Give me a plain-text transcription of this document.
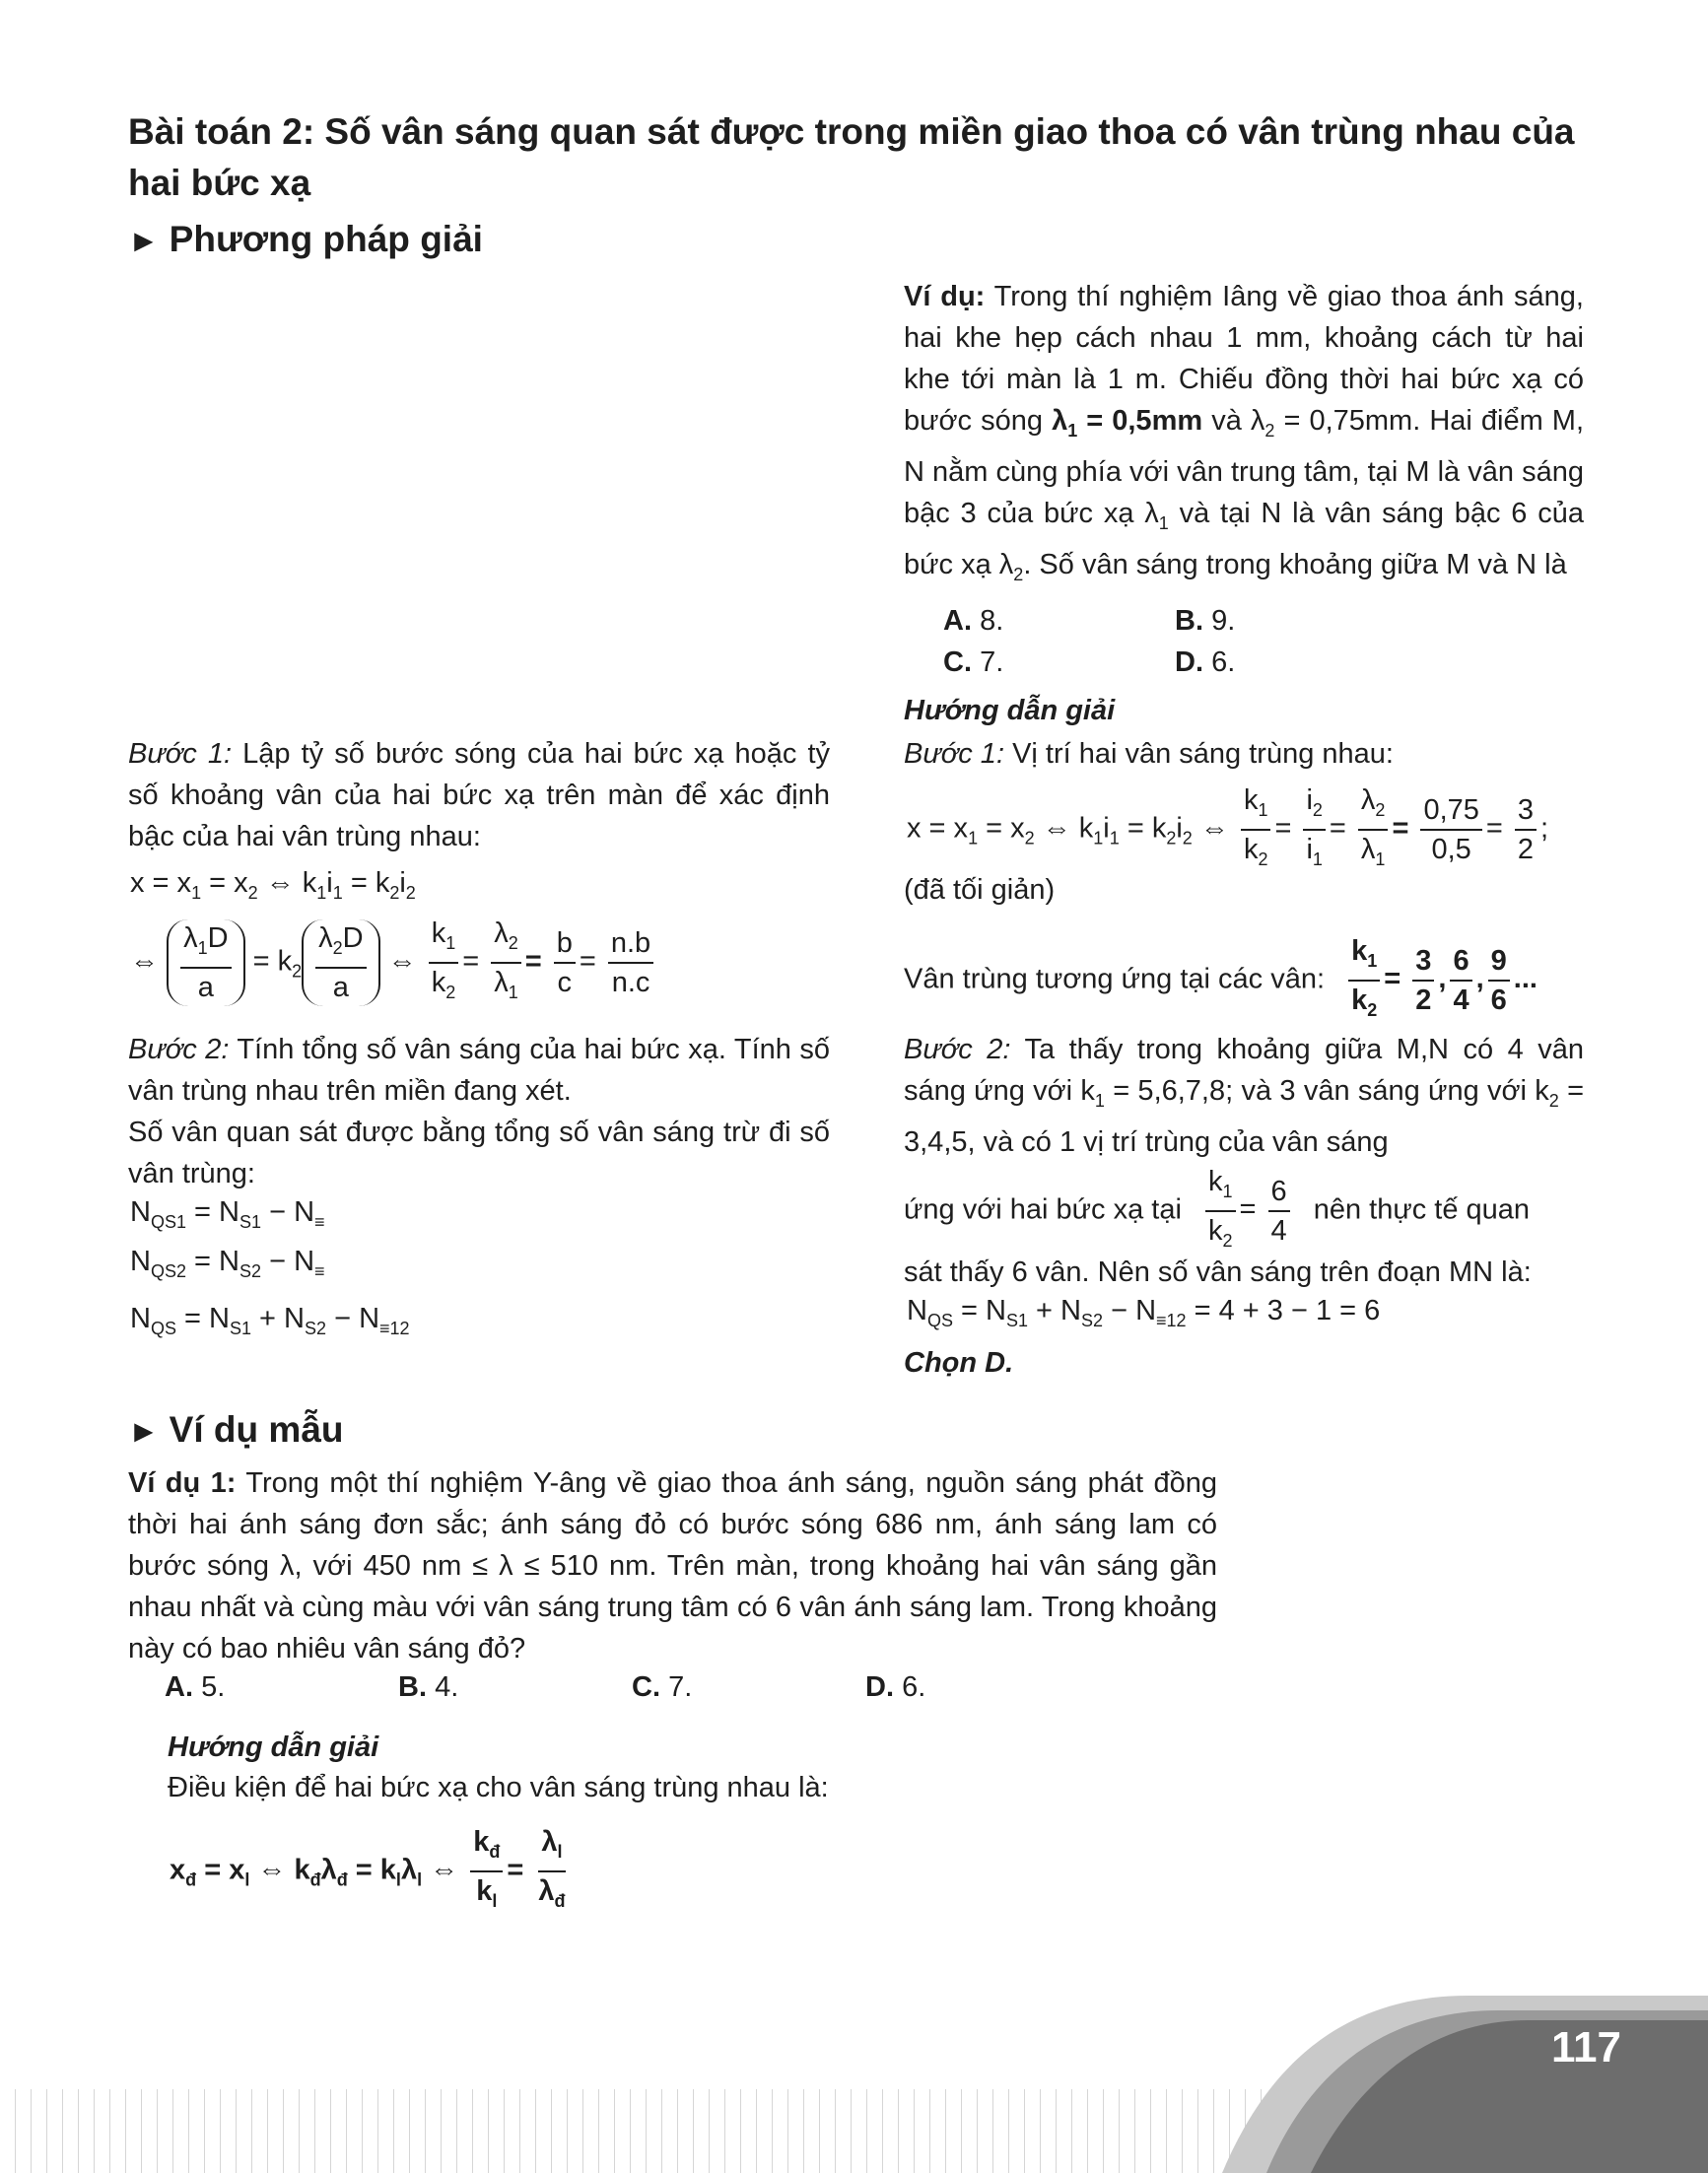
Bài toán 2: Số vân sáng quan sát được trong miền giao thoa có vân trùng nhau của hai bức xạ
► Phương pháp giải
Ví dụ: Trong thí nghiệm Iâng về giao thoa ánh sáng, hai khe hẹp cách nhau 1 mm, khoảng cách từ hai khe tới màn là 1 m. Chiếu đồng thời hai bức xạ có bước sóng $\lambda_1 = 0,5mm$ và $\lambda_2 = 0,75mm$. Hai điểm M, N nằm cùng phía với vân trung tâm, tại M là vân sáng bậc 3 của bức xạ $\lambda_1$ và tại N là vân sáng bậc 6 của bức xạ $\lambda_2$. Số vân sáng trong khoảng giữa M và N là
A. 8.	B. 9.
C. 7.	D. 6.
Hướng dẫn giải
Bước 1: Lập tỷ số bước sóng của hai bức xạ hoặc tỷ số khoảng vân của hai bức xạ trên màn để xác định bậc của hai vân trùng nhau:
Bước 1: Vị trí hai vân sáng trùng nhau:
$x = x_1 = x_2$ ⇔ $k_1i_1 = k_2i_2$ ⇔ $\frac{k_1}{k_2} = \frac{i_2}{i_1} = \frac{\lambda_2}{\lambda_1} = \frac{0,75}{0,5} = \frac{3}{2}$ ;
(đã tối giản)
Vân trùng tương ứng tại các vân: $\frac{k_1}{k_2} = \frac{3}{2}$ , $\frac{6}{4}$ , $\frac{9}{6}$ ...
$x = x_1 = x_2$ ⇔ $k_1i_1 = k_2i_2$
⇔ $\frac{\lambda_1D}{a} = k_2 \frac{\lambda_2D}{a}$ ⇔ $\frac{k_1}{k_2} = \frac{\lambda_2}{\lambda_1} = \frac{b}{c} = \frac{n.b}{n.c}$
Bước 2: Tính tổng số vân sáng của hai bức xạ. Tính số vân trùng nhau trên miền đang xét.
Số vân quan sát được bằng tổng số vân sáng trừ đi số vân trùng:
$N_{QS1} = N_{S1} - N_\equiv$
$N_{QS2} = N_{S2} - N_\equiv$
$N_{QS} = N_{S1} + N_{S2} - N_{\equiv 12}$
Bước 2: Ta thấy trong khoảng giữa M,N có 4 vân sáng ứng với $k_1 = 5,6,7,8$; và 3 vân sáng ứng với $k_2 = 3,4,5$, và có 1 vị trí trùng của vân sáng
ứng với hai bức xạ tại $\frac{k_1}{k_2} = \frac{6}{4}$ nên thực tế quan
sát thấy 6 vân. Nên số vân sáng trên đoạn MN là:
$N_{QS} = N_{S1} + N_{S2} - N_{\equiv 12} = 4 + 3 - 1 = 6$
Chọn D.
► Ví dụ mẫu
Ví dụ 1: Trong một thí nghiệm Y-âng về giao thoa ánh sáng, nguồn sáng phát đồng thời hai ánh sáng đơn sắc; ánh sáng đỏ có bước sóng 686 nm, ánh sáng lam có bước sóng λ, với 450 nm ≤ λ ≤ 510 nm. Trên màn, trong khoảng hai vân sáng gần nhau nhất và cùng màu với vân sáng trung tâm có 6 vân ánh sáng lam. Trong khoảng này có bao nhiêu vân sáng đỏ?
A. 5.	B. 4.	C. 7.	D. 6.
Hướng dẫn giải
Điều kiện để hai bức xạ cho vân sáng trùng nhau là:
$x_đ = x_l$ ⇔ $k_đ\lambda_đ = k_l\lambda_l$ ⇔ $\frac{k_đ}{k_l} = \frac{\lambda_l}{\lambda_đ}$
117
